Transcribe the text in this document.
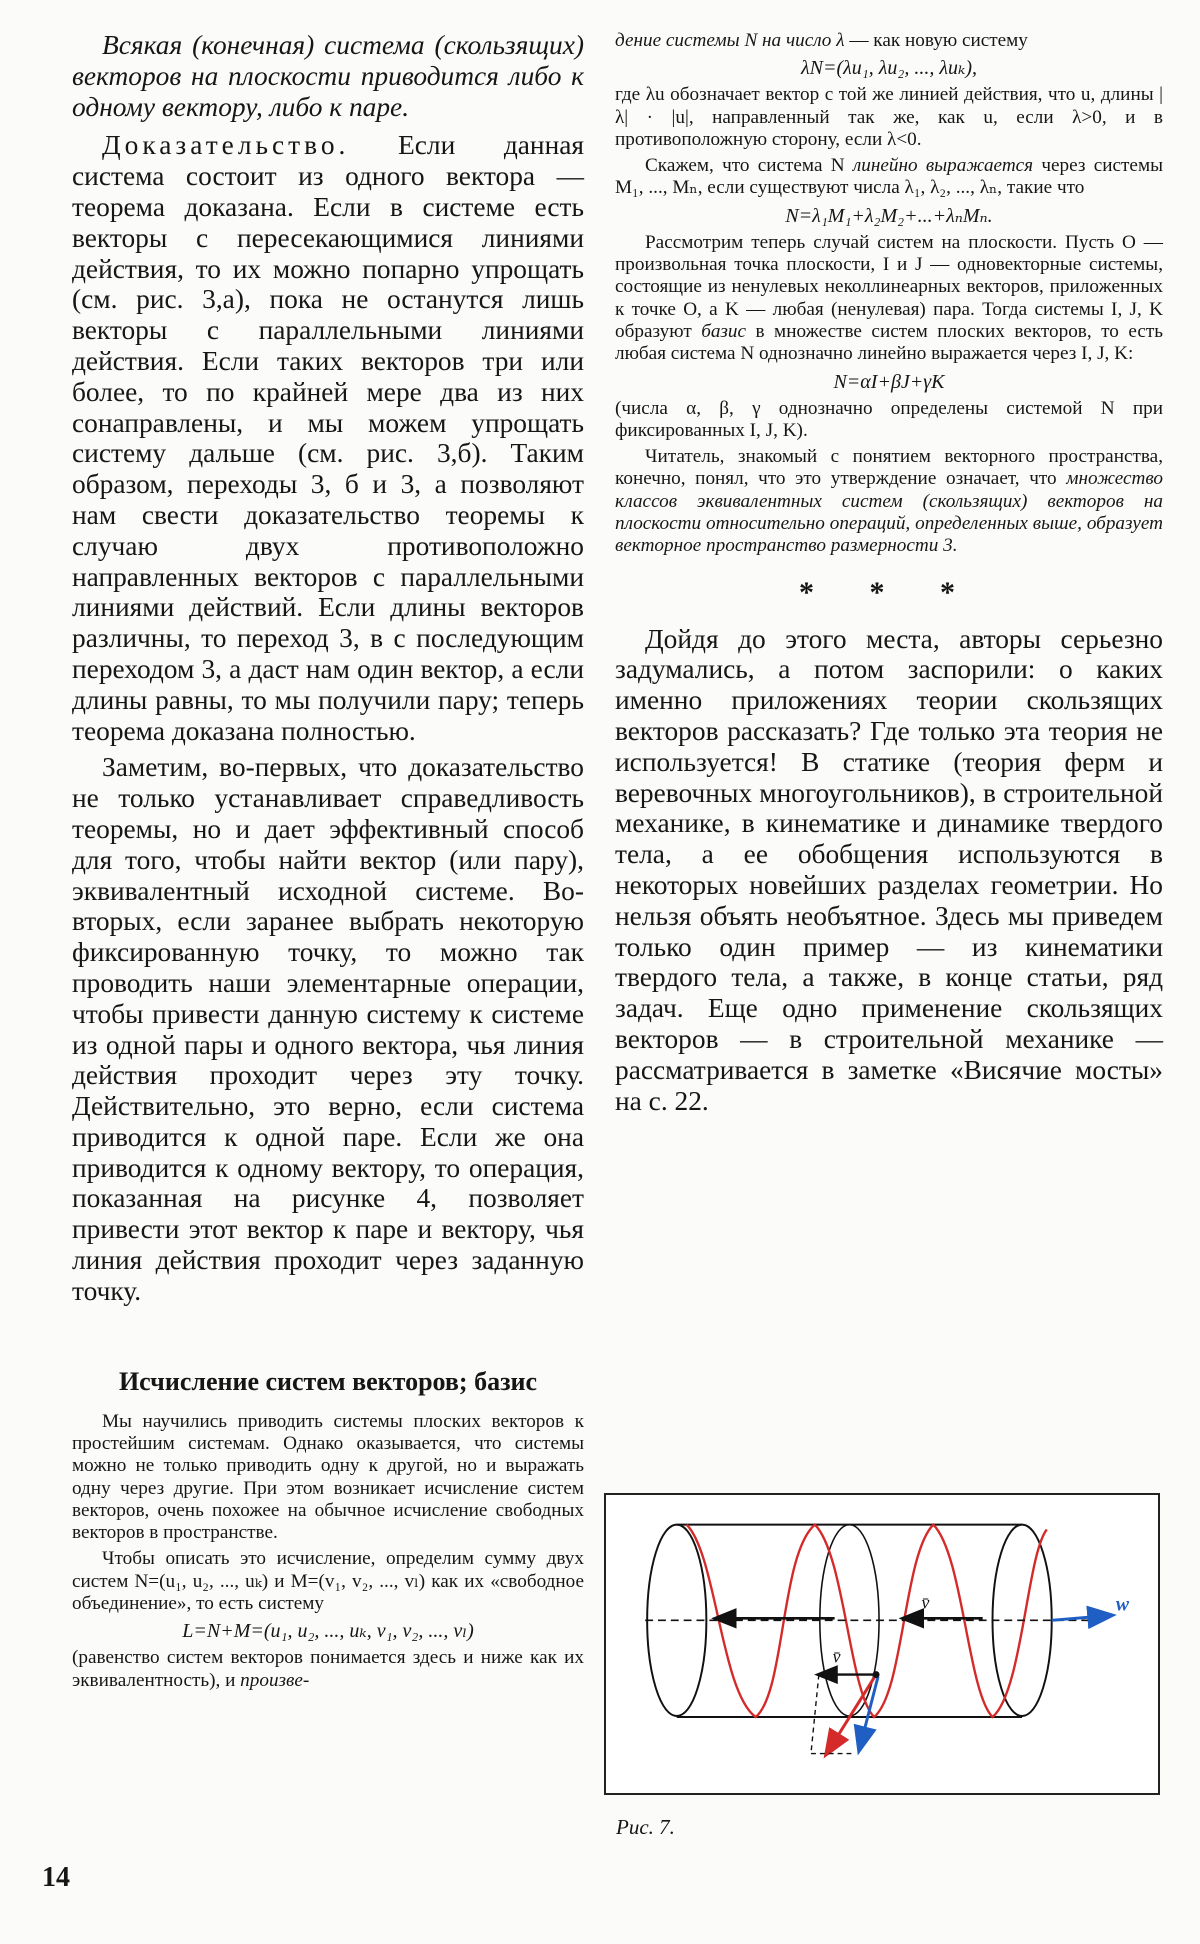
Всякая (конечная) система (скользящих) векторов на плоскости приводится либо к одному вектору, либо к паре.

Доказательство. Если данная система состоит из одного вектора — теорема доказана. Если в системе есть векторы с пересекающимися линиями действия, то их можно попарно упрощать (см. рис. 3,а), пока не останутся лишь векторы с параллельными линиями действия. Если таких векторов три или более, то по крайней мере два из них сонаправлены, и мы можем упрощать систему дальше (см. рис. 3,б). Таким образом, переходы 3, б и 3, а позволяют нам свести доказательство теоремы к случаю двух противоположно направленных векторов с параллельными линиями действий. Если длины векторов различны, то переход 3, в с последующим переходом 3, а даст нам один вектор, а если длины равны, то мы получили пару; теперь теорема доказана полностью.

Заметим, во-первых, что доказательство не только устанавливает справедливость теоремы, но и дает эффективный способ для того, чтобы найти вектор (или пару), эквивалентный исходной системе. Во-вторых, если заранее выбрать некоторую фиксированную точку, то можно так проводить наши элементарные операции, чтобы привести данную систему к системе из одной пары и одного вектора, чья линия действия проходит через эту точку. Действительно, это верно, если система приводится к одной паре. Если же она приводится к одному вектору, то операция, показанная на рисунке 4, позволяет привести этот вектор к паре и вектору, чья линия действия проходит через заданную точку.

Исчисление систем векторов; базис

Мы научились приводить системы плоских векторов к простейшим системам. Однако оказывается, что системы можно не только приводить одну к другой, но и выражать одну через другие. При этом возникает исчисление систем векторов, очень похожее на обычное исчисление свободных векторов в пространстве.

Чтобы описать это исчисление, определим сумму двух систем N=(u₁, u₂, ..., uₖ) и M=(v₁, v₂, ..., vₗ) как их «свободное объединение», то есть систему

L=N+M=(u₁, u₂, ..., uₖ, v₁, v₂, ..., vₗ)

(равенство систем векторов понимается здесь и ниже как их эквивалентность), и произве-

дение системы N на число λ — как новую систему

λN=(λu₁, λu₂, ..., λuₖ),

где λu обозначает вектор с той же линией действия, что u, длины |λ| · |u|, направленный так же, как u, если λ>0, и в противоположную сторону, если λ<0.

Скажем, что система N линейно выражается через системы M₁, ..., Mₙ, если существуют числа λ₁, λ₂, ..., λₙ, такие что

N=λ₁M₁+λ₂M₂+...+λₙMₙ.

Рассмотрим теперь случай систем на плоскости. Пусть O — произвольная точка плоскости, I и J — одновекторные системы, состоящие из ненулевых неколлинеарных векторов, приложенных к точке O, а K — любая (ненулевая) пара. Тогда системы I, J, K образуют базис в множестве систем плоских векторов, то есть любая система N однозначно линейно выражается через I, J, K:

N=αI+βJ+γK

(числа α, β, γ однозначно определены системой N при фиксированных I, J, K).

Читатель, знакомый с понятием векторного пространства, конечно, понял, что это утверждение означает, что множество классов эквивалентных систем (скользящих) векторов на плоскости относительно операций, определенных выше, образует векторное пространство размерности 3.

* * *

Дойдя до этого места, авторы серьезно задумались, а потом заспорили: о каких именно приложениях теории скользящих векторов рассказать? Где только эта теория не используется! В статике (теория ферм и веревочных многоугольников), в строительной механике, в кинематике и динамике твердого тела, а ее обобщения используются в некоторых новейших разделах геометрии. Но нельзя объять необъятное. Здесь мы приведем только один пример — из кинематики твердого тела, а также, в конце статьи, ряд задач. Еще одно применение скользящих векторов — в строительной механике — рассматривается в заметке «Висячие мосты» на с. 22.

w
v̄
v̄
Рис. 7.
14
